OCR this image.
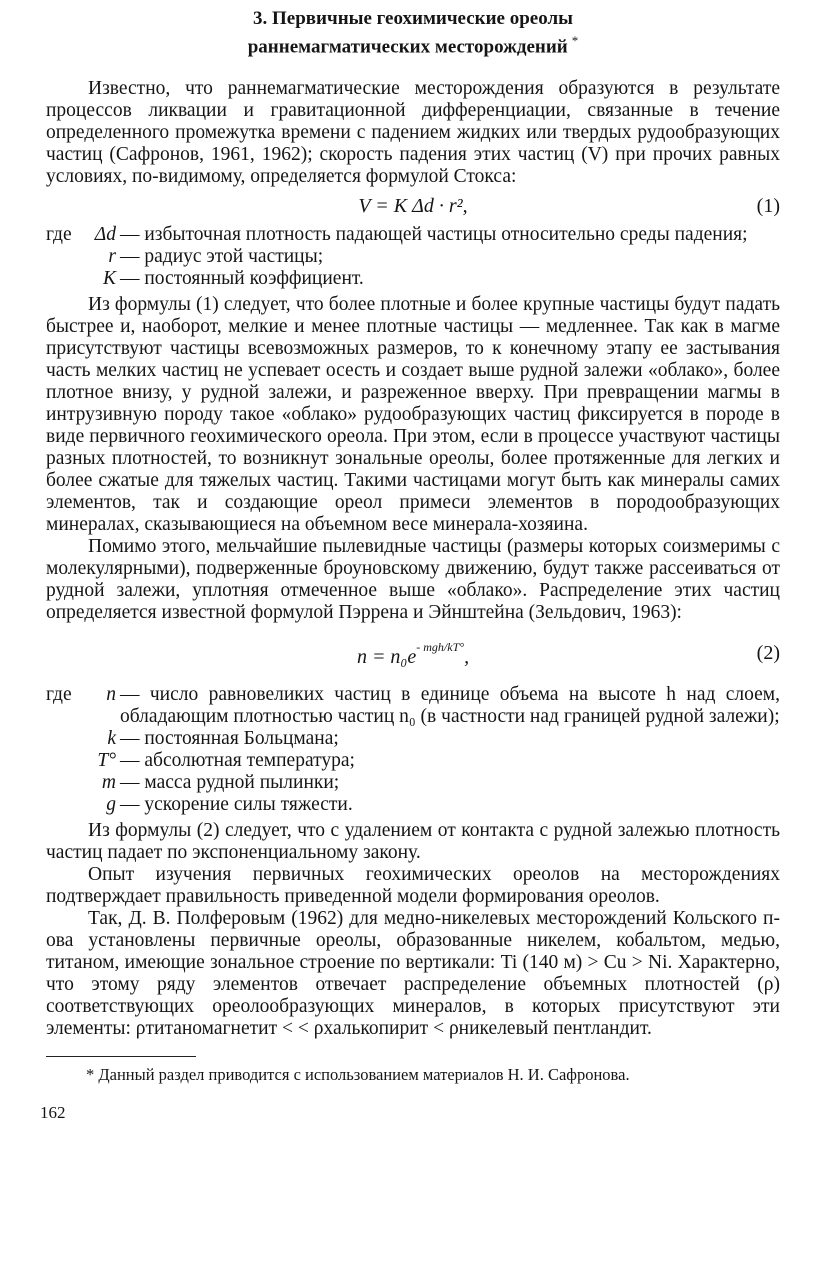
3. Первичные геохимические ореолы
раннемагматических месторождений *

Известно, что раннемагматические месторождения образуются в результате процессов ликвации и гравитационной дифференциации, связанные в течение определенного промежутка времени с падением жидких или твердых рудообразующих частиц (Сафронов, 1961, 1962); скорость падения этих частиц (V) при прочих равных условиях, по-видимому, определяется формулой Стокса:

V = K Δd · r²,	(1)
где	Δd — избыточная плотность падающей частицы относительно среды падения;
r — радиус этой частицы;
K — постоянный коэффициент.

Из формулы (1) следует, что более плотные и более крупные частицы будут падать быстрее и, наоборот, мелкие и менее плотные частицы — медленнее. Так как в магме присутствуют частицы всевозможных размеров, то к конечному этапу ее застывания часть мелких частиц не успевает осесть и создает выше рудной залежи «облако», более плотное внизу, у рудной залежи, и разреженное вверху. При превращении магмы в интрузивную породу такое «облако» рудообразующих частиц фиксируется в породе в виде первичного геохимического ореола. При этом, если в процессе участвуют частицы разных плотностей, то возникнут зональные ореолы, более протяженные для легких и более сжатые для тяжелых частиц. Такими частицами могут быть как минералы самих элементов, так и создающие ореол примеси элементов в породообразующих минералах, сказывающиеся на объемном весе минерала-хозяина.

Помимо этого, мельчайшие пылевидные частицы (размеры которых соизмеримы с молекулярными), подверженные броуновскому движению, будут также рассеиваться от рудной залежи, уплотняя отмеченное выше «облако». Распределение этих частиц определяется известной формулой Пэррена и Эйнштейна (Зельдович, 1963):

$n = n_0e^{- mgh/kT^\circ}$,	(2)
где	n — число равновеликих частиц в единице объема на высоте h над слоем, обладающим плотностью частиц n₀ (в частности над границей рудной залежи);
k — постоянная Больцмана;
T° — абсолютная температура;
m — масса рудной пылинки;
g — ускорение силы тяжести.

Из формулы (2) следует, что с удалением от контакта с рудной залежью плотность частиц падает по экспоненциальному закону.

Опыт изучения первичных геохимических ореолов на месторождениях подтверждает правильность приведенной модели формирования ореолов.

Так, Д. В. Полферовым (1962) для медно-никелевых месторождений Кольского п-ова установлены первичные ореолы, образованные никелем, кобальтом, медью, титаном, имеющие зональное строение по вертикали: Ti (140 м) > Cu > Ni. Характерно, что этому ряду элементов отвечает распределение объемных плотностей (ρ) соответствующих ореолообразующих минералов, в которых присутствуют эти элементы: ρтитаномагнетит < < ρхалькопирит < ρникелевый пентландит.

* Данный раздел приводится с использованием материалов Н. И. Сафронова.

162
